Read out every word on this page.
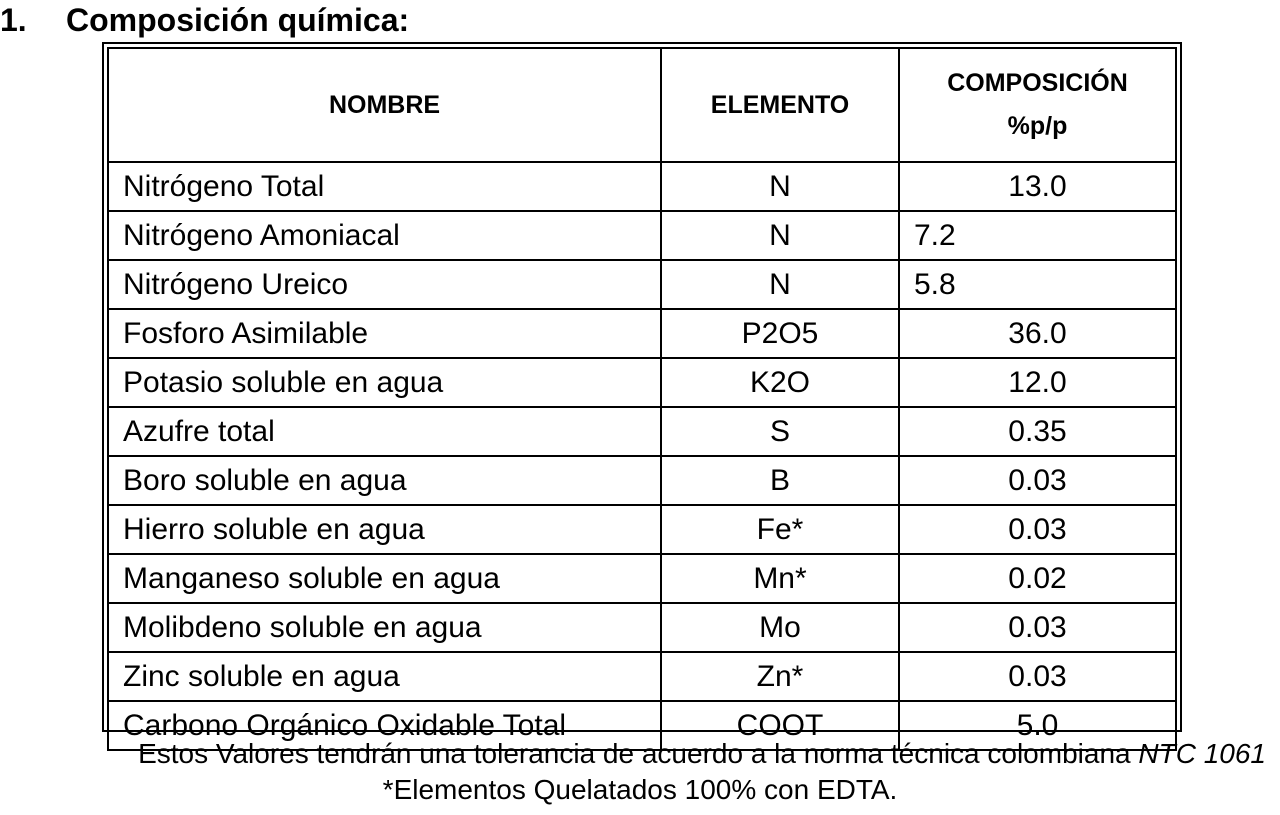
1. Composición química:
NOMBRE	ELEMENTO	COMPOSICIÓN
%p/p

Nitrógeno Total	N	13.0
Nitrógeno Amoniacal	N	7.2
Nitrógeno Ureico	N	5.8
Fosforo Asimilable	P2O5	36.0
Potasio soluble en agua	K2O	12.0
Azufre total	S	0.35
Boro soluble en agua	B	0.03
Hierro soluble en agua	Fe*	0.03
Manganeso soluble en agua	Mn*	0.02
Molibdeno soluble en agua	Mo	0.03
Zinc soluble en agua	Zn*	0.03
Carbono Orgánico Oxidable Total	COOT	5.0

Estos Valores tendrán una tolerancia de acuerdo a la norma técnica colombiana NTC 1061

*Elementos Quelatados 100% con EDTA.
